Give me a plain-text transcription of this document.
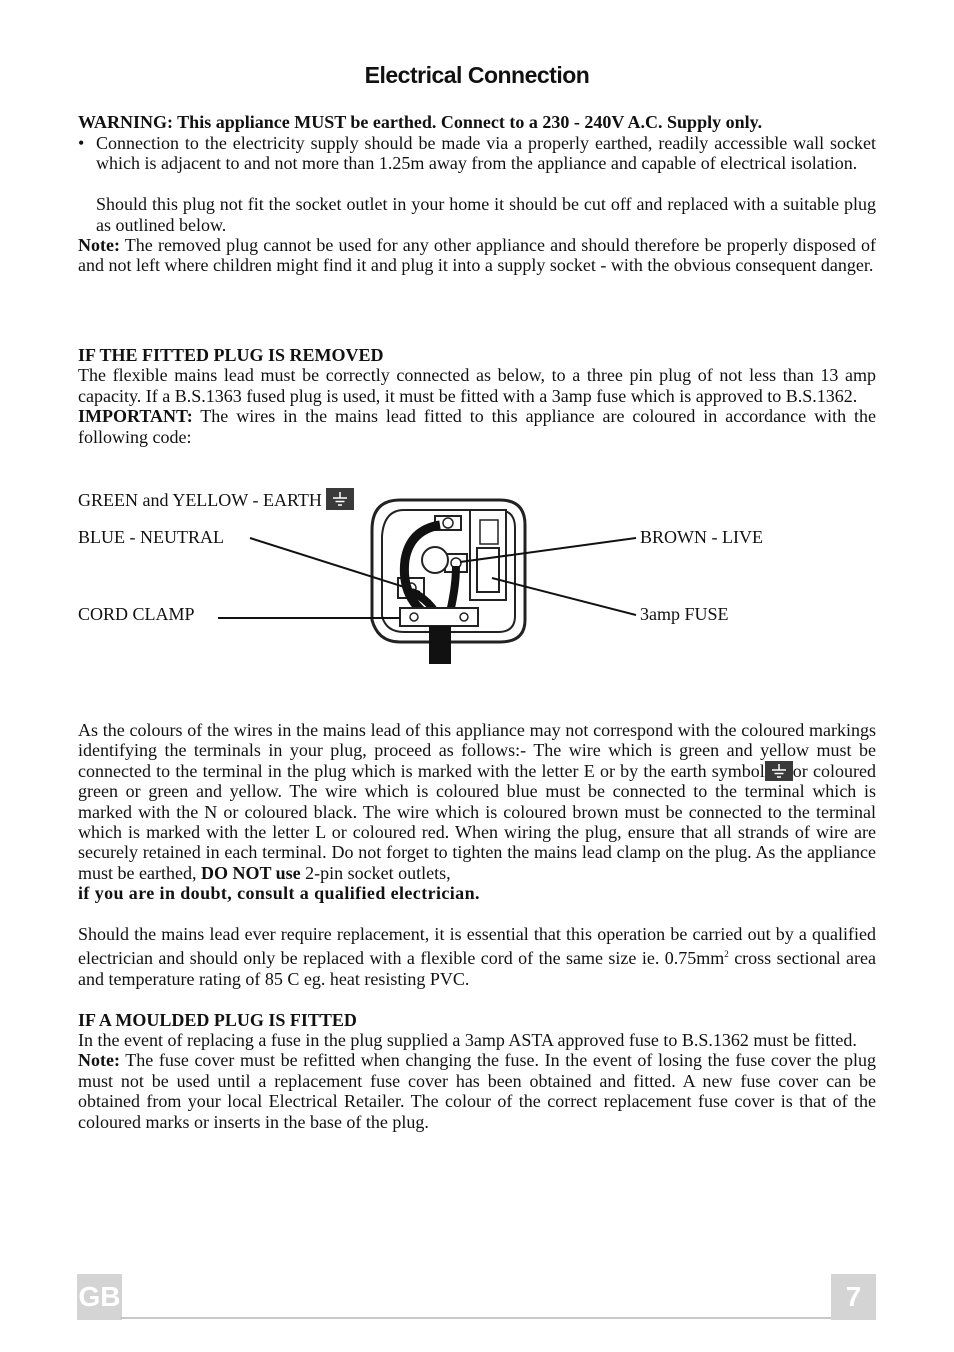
Electrical Connection
WARNING: This appliance MUST be earthed. Connect to a 230 - 240V A.C. Supply only.
• Connection to the electricity supply should be made via a properly earthed, readily accessible wall socket which is adjacent to and not more than 1.25m away from the appliance and capable of electrical isolation.

Should this plug not fit the socket outlet in your home it should be cut off and replaced with a suitable plug as outlined below.

Note: The removed plug cannot be used for any other appliance and should therefore be properly disposed of and not left where children might find it and plug it into a supply socket - with the obvious consequent danger.

IF THE FITTED PLUG IS REMOVED

The flexible mains lead must be correctly connected as below, to a three pin plug of not less than 13 amp capacity. If a B.S.1363 fused plug is used, it must be fitted with a 3amp fuse which is approved to B.S.1362.

IMPORTANT: The wires in the mains lead fitted to this appliance are coloured in accordance with the following code:

GREEN and YELLOW - EARTH
BLUE - NEUTRAL
CORD CLAMP
BROWN - LIVE
3amp FUSE

As the colours of the wires in the mains lead of this appliance may not correspond with the coloured markings identifying the terminals in your plug, proceed as follows:- The wire which is green and yellow must be connected to the terminal in the plug which is marked with the letter E or by the earth symbol or coloured green or green and yellow. The wire which is coloured blue must be connected to the terminal which is marked with the N or coloured black. The wire which is coloured brown must be connected to the terminal which is marked with the letter L or coloured red. When wiring the plug, ensure that all strands of wire are securely retained in each terminal. Do not forget to tighten the mains lead clamp on the plug. As the appliance must be earthed, DO NOT use 2-pin socket outlets,

if you are in doubt, consult a qualified electrician.

Should the mains lead ever require replacement, it is essential that this operation be carried out by a qualified electrician and should only be replaced with a flexible cord of the same size ie. $0.75mm^2$ cross sectional area and temperature rating of 85 C eg. heat resisting PVC.

IF A MOULDED PLUG IS FITTED

In the event of replacing a fuse in the plug supplied a 3amp ASTA approved fuse to B.S.1362 must be fitted.

Note: The fuse cover must be refitted when changing the fuse. In the event of losing the fuse cover the plug must not be used until a replacement fuse cover has been obtained and fitted. A new fuse cover can be obtained from your local Electrical Retailer. The colour of the correct replacement fuse cover is that of the coloured marks or inserts in the base of the plug.

GB	7
